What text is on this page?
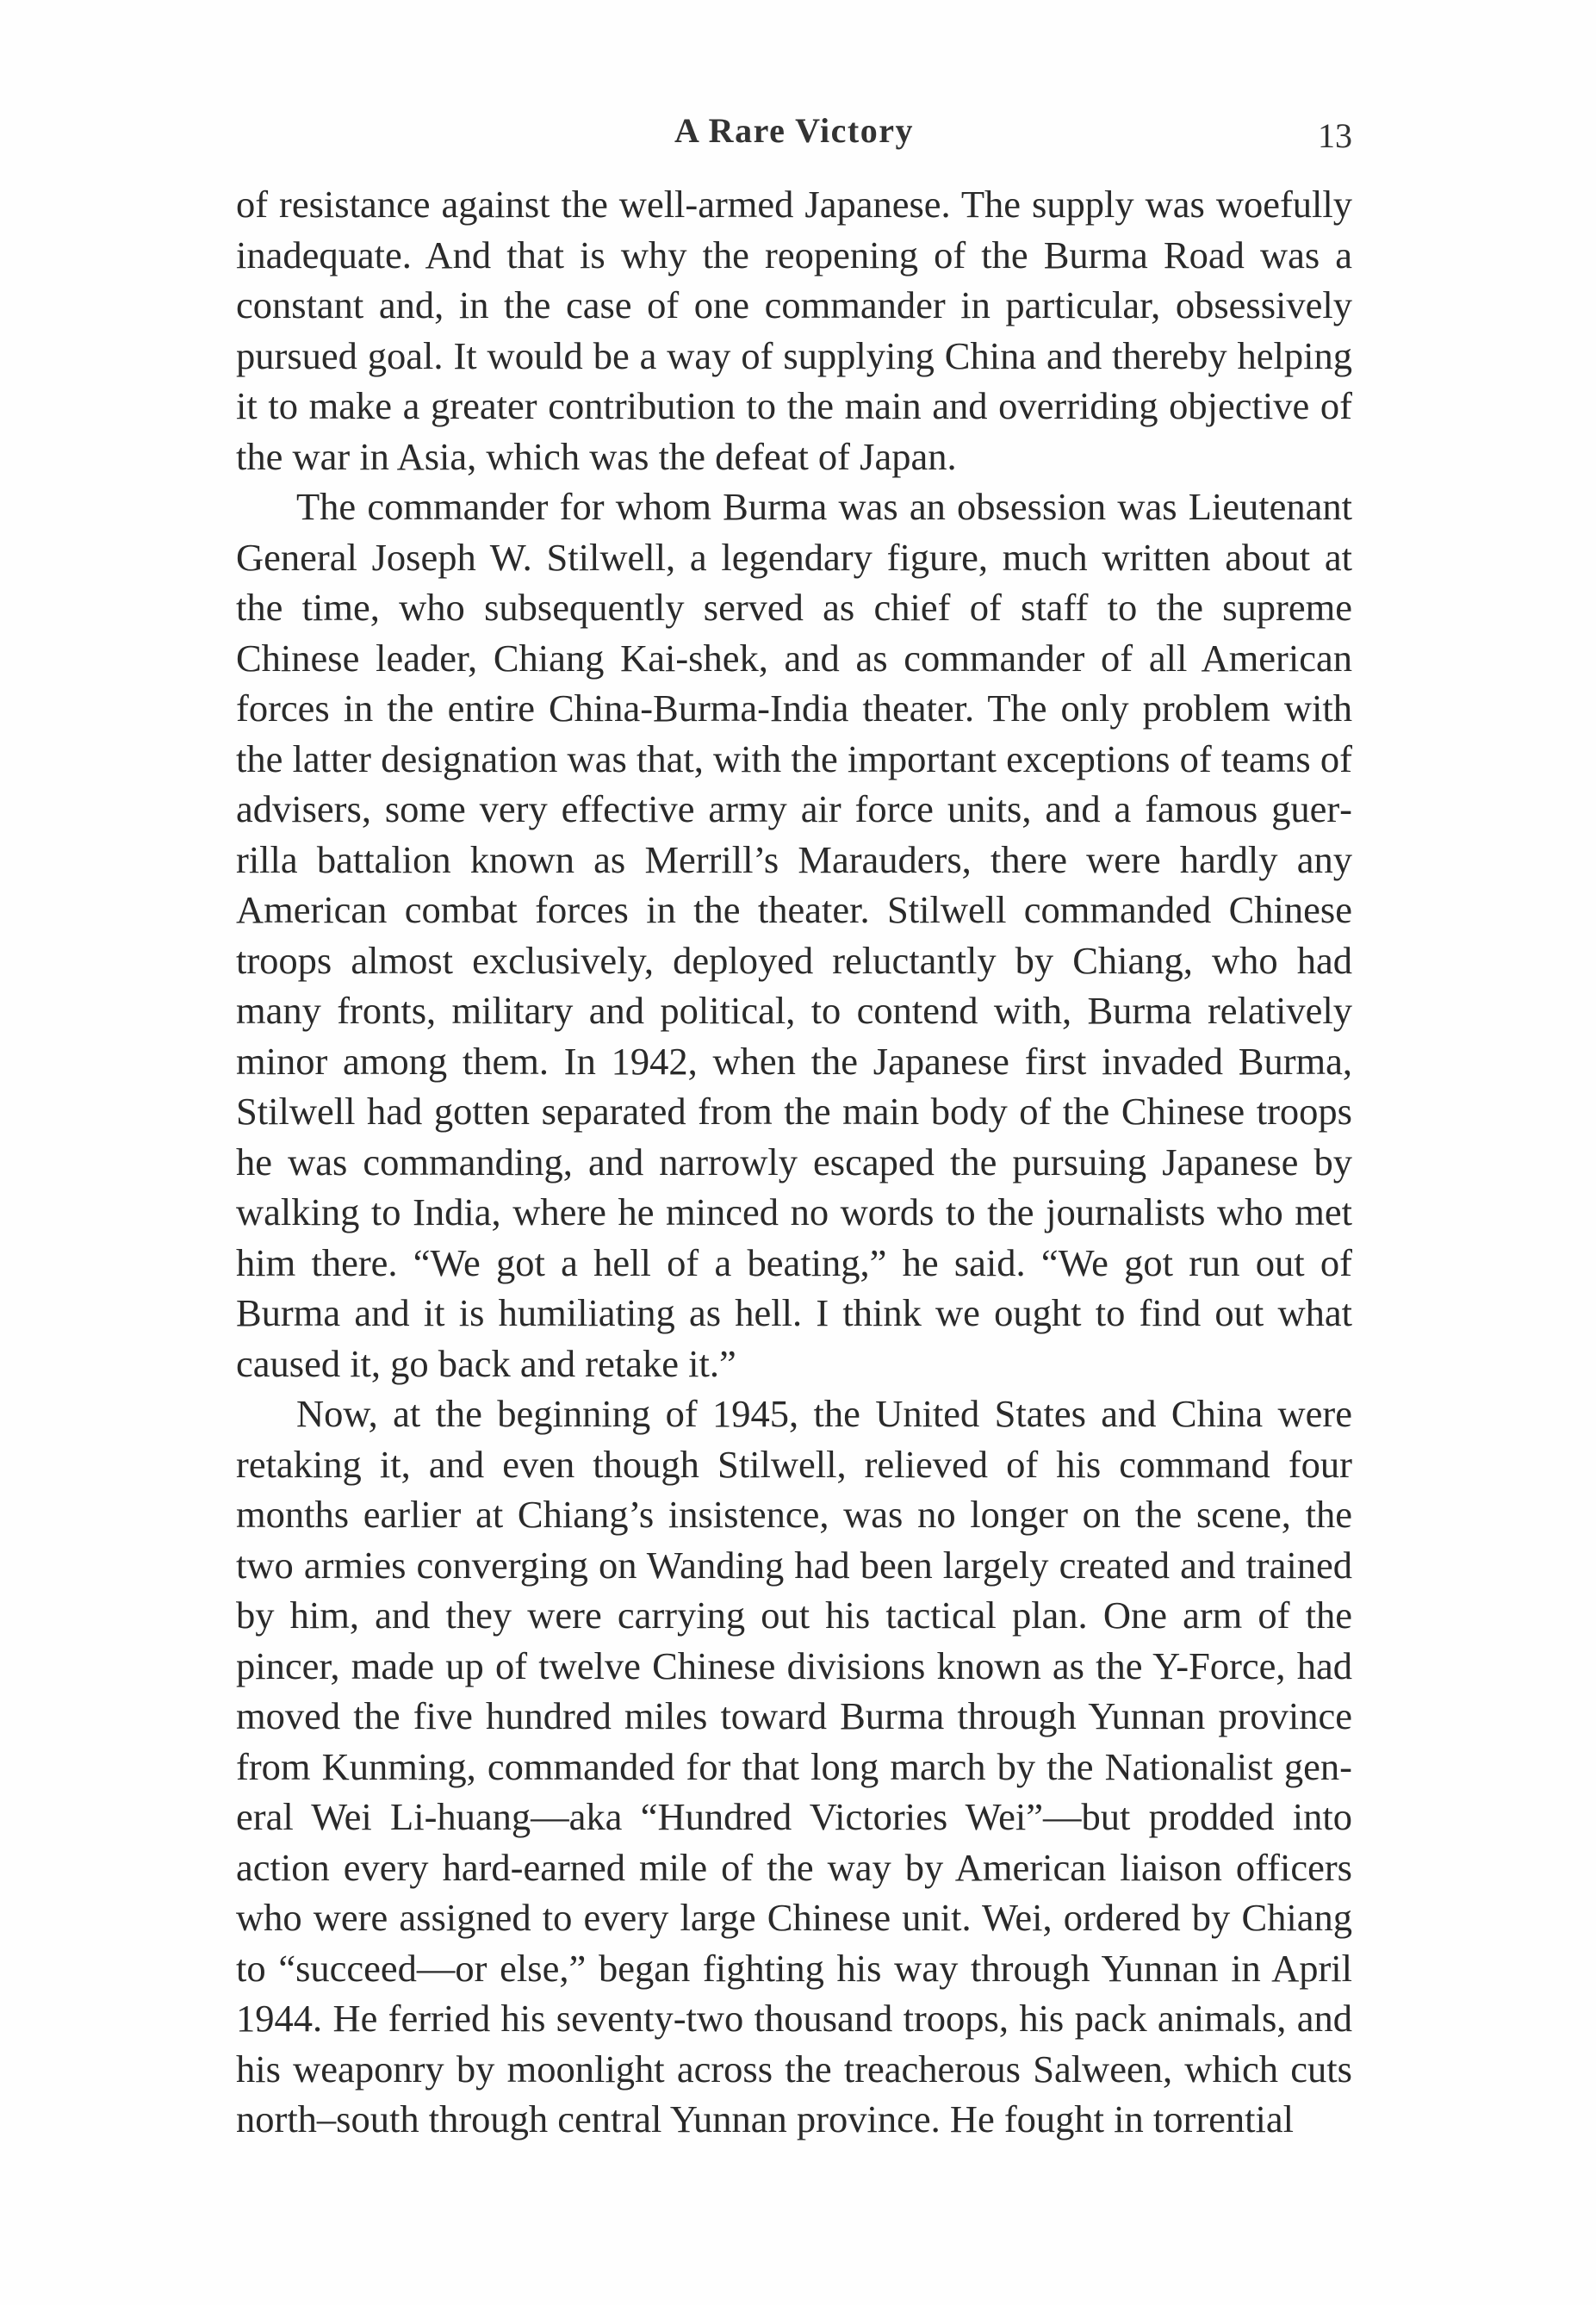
A Rare Victory	13

of resistance against the well-armed Japanese. The supply was woefully inadequate. And that is why the reopening of the Burma Road was a constant and, in the case of one commander in particular, obsessively pursued goal. It would be a way of supplying China and thereby helping it to make a greater contribution to the main and overriding objective of the war in Asia, which was the defeat of Japan.

The commander for whom Burma was an obsession was Lieutenant General Joseph W. Stilwell, a legendary figure, much written about at the time, who subsequently served as chief of staff to the supreme Chinese leader, Chiang Kai-shek, and as commander of all American forces in the entire China-Burma-India theater. The only problem with the latter designation was that, with the important exceptions of teams of advisers, some very effective army air force units, and a famous guerrilla battalion known as Merrill’s Marauders, there were hardly any American combat forces in the theater. Stilwell commanded Chinese troops almost exclusively, deployed reluctantly by Chiang, who had many fronts, military and political, to contend with, Burma relatively minor among them. In 1942, when the Japanese first invaded Burma, Stilwell had gotten separated from the main body of the Chinese troops he was commanding, and narrowly escaped the pursuing Japanese by walking to India, where he minced no words to the journalists who met him there. “We got a hell of a beating,” he said. “We got run out of Burma and it is humiliating as hell. I think we ought to find out what caused it, go back and retake it.”

Now, at the beginning of 1945, the United States and China were retaking it, and even though Stilwell, relieved of his command four months earlier at Chiang’s insistence, was no longer on the scene, the two armies converging on Wanding had been largely created and trained by him, and they were carrying out his tactical plan. One arm of the pincer, made up of twelve Chinese divisions known as the Y-Force, had moved the five hundred miles toward Burma through Yunnan province from Kunming, commanded for that long march by the Nationalist general Wei Li-huang—aka “Hundred Victories Wei”—but prodded into action every hard-earned mile of the way by American liaison officers who were assigned to every large Chinese unit. Wei, ordered by Chiang to “succeed—or else,” began fighting his way through Yunnan in April 1944. He ferried his seventy-two thousand troops, his pack animals, and his weaponry by moonlight across the treacherous Salween, which cuts north–south through central Yunnan province. He fought in torrential
